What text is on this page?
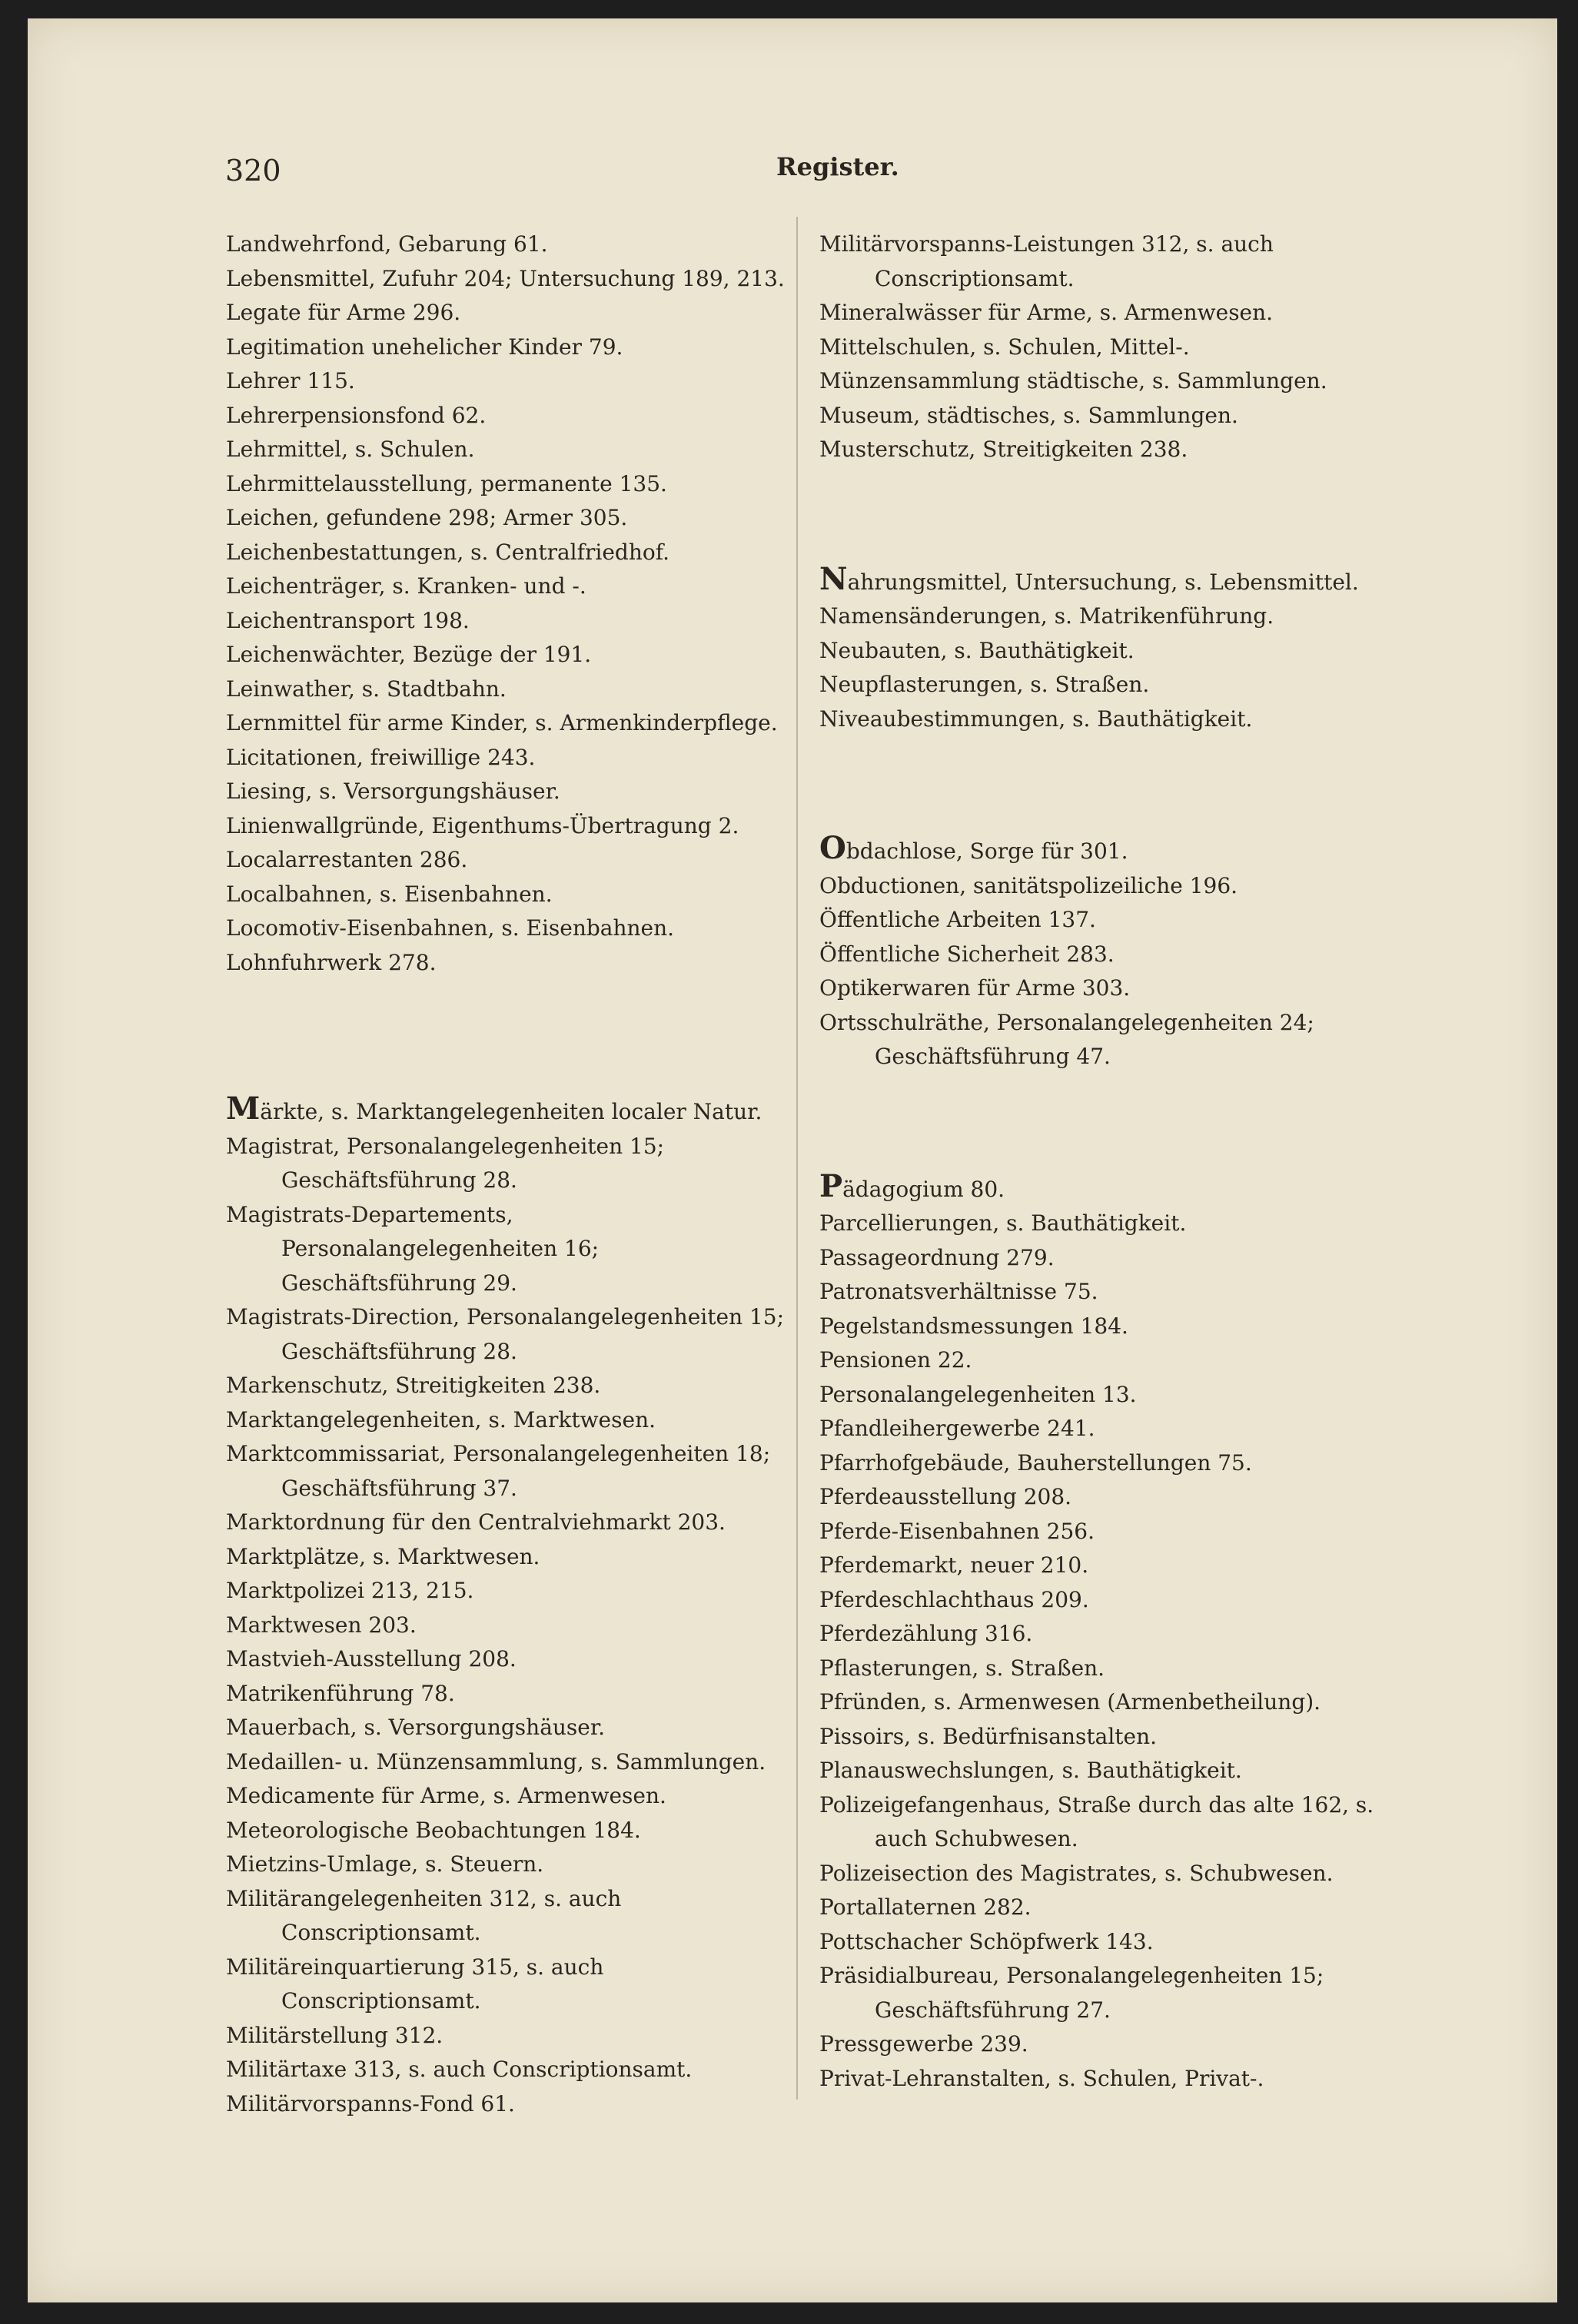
320	Register.

Landwehrfond, Gebarung 61.

Lebensmittel, Zufuhr 204; Untersuchung 189, 213.

Legate für Arme 296.

Legitimation unehelicher Kinder 79.

Lehrer 115.

Lehrerpensionsfond 62.

Lehrmittel, s. Schulen.

Lehrmittelausstellung, permanente 135.

Leichen, gefundene 298; Armer 305.

Leichenbestattungen, s. Centralfriedhof.

Leichenträger, s. Kranken- und -.

Leichentransport 198.

Leichenwächter, Bezüge der 191.

Leinwather, s. Stadtbahn.

Lernmittel für arme Kinder, s. Armenkinderpflege.

Licitationen, freiwillige 243.

Liesing, s. Versorgungshäuser.

Linienwallgründe, Eigenthums-Übertragung 2.

Localarrestanten 286.

Localbahnen, s. Eisenbahnen.

Locomotiv-Eisenbahnen, s. Eisenbahnen.

Lohnfuhrwerk 278.

Märkte, s. Marktangelegenheiten localer Natur.

Magistrat, Personalangelegenheiten 15; Geschäftsführung 28.

Magistrats-Departements, Personalangelegenheiten 16; Geschäftsführung 29.

Magistrats-Direction, Personalangelegenheiten 15; Geschäftsführung 28.

Markenschutz, Streitigkeiten 238.

Marktangelegenheiten, s. Marktwesen.

Marktcommissariat, Personalangelegenheiten 18; Geschäftsführung 37.

Marktordnung für den Centralviehmarkt 203.

Marktplätze, s. Marktwesen.

Marktpolizei 213, 215.

Marktwesen 203.

Mastvieh-Ausstellung 208.

Matrikenführung 78.

Mauerbach, s. Versorgungshäuser.

Medaillen- u. Münzensammlung, s. Sammlungen.

Medicamente für Arme, s. Armenwesen.

Meteorologische Beobachtungen 184.

Mietzins-Umlage, s. Steuern.

Militärangelegenheiten 312, s. auch Conscriptionsamt.

Militäreinquartierung 315, s. auch Conscriptionsamt.

Militärstellung 312.

Militärtaxe 313, s. auch Conscriptionsamt.

Militärvorspanns-Fond 61.

Militärvorspanns-Leistungen 312, s. auch Conscriptionsamt.

Mineralwässer für Arme, s. Armenwesen.

Mittelschulen, s. Schulen, Mittel-.

Münzensammlung städtische, s. Sammlungen.

Museum, städtisches, s. Sammlungen.

Musterschutz, Streitigkeiten 238.

Nahrungsmittel, Untersuchung, s. Lebensmittel.

Namensänderungen, s. Matrikenführung.

Neubauten, s. Bauthätigkeit.

Neupflasterungen, s. Straßen.

Niveaubestimmungen, s. Bauthätigkeit.

Obdachlose, Sorge für 301.

Obductionen, sanitätspolizeiliche 196.

Öffentliche Arbeiten 137.

Öffentliche Sicherheit 283.

Optikerwaren für Arme 303.

Ortsschulräthe, Personalangelegenheiten 24; Geschäftsführung 47.

Pädagogium 80.

Parcellierungen, s. Bauthätigkeit.

Passageordnung 279.

Patronatsverhältnisse 75.

Pegelstandsmessungen 184.

Pensionen 22.

Personalangelegenheiten 13.

Pfandleihergewerbe 241.

Pfarrhofgebäude, Bauherstellungen 75.

Pferdeausstellung 208.

Pferde-Eisenbahnen 256.

Pferdemarkt, neuer 210.

Pferdeschlachthaus 209.

Pferdezählung 316.

Pflasterungen, s. Straßen.

Pfründen, s. Armenwesen (Armenbetheilung).

Pissoirs, s. Bedürfnisanstalten.

Planauswechslungen, s. Bauthätigkeit.

Polizeigefangenhaus, Straße durch das alte 162, s. auch Schubwesen.

Polizeisection des Magistrates, s. Schubwesen.

Portallaternen 282.

Pottschacher Schöpfwerk 143.

Präsidialbureau, Personalangelegenheiten 15; Geschäftsführung 27.

Pressgewerbe 239.

Privat-Lehranstalten, s. Schulen, Privat-.
